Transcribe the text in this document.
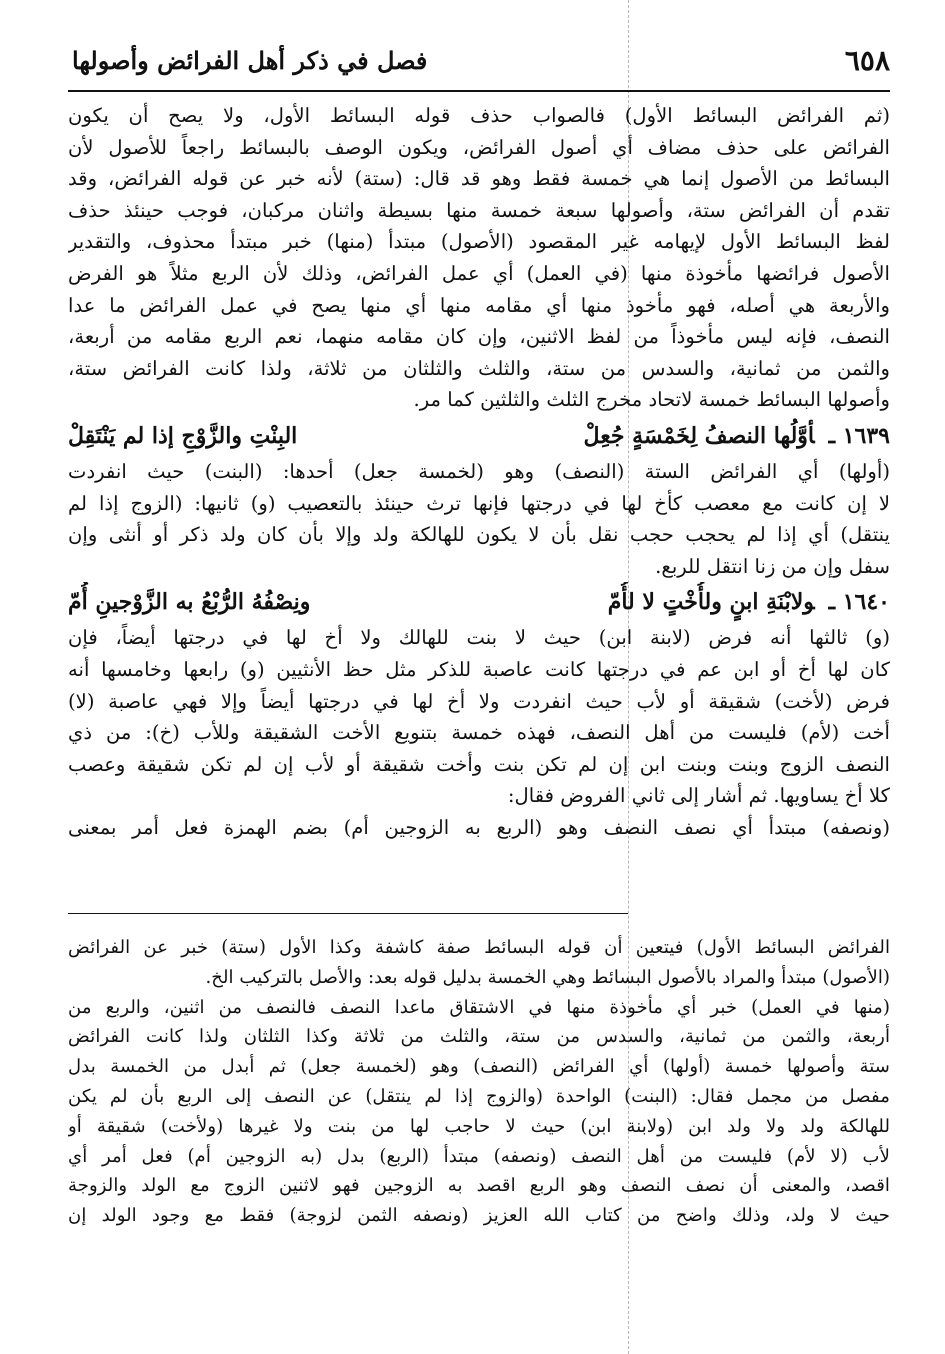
٦٥٨
فصل في ذكر أهل الفرائض وأصولها
(ثم الفرائض البسائط الأول) فالصواب حذف قوله البسائط الأول، ولا يصح أن يكون
الفرائض على حذف مضاف أي أصول الفرائض، ويكون الوصف بالبسائط راجعاً للأصول لأن
البسائط من الأصول إنما هي خمسة فقط وهو قد قال: (ستة) لأنه خبر عن قوله الفرائض، وقد
تقدم أن الفرائض ستة، وأصولها سبعة خمسة منها بسيطة واثنان مركبان، فوجب حينئذ حذف
لفظ البسائط الأول لإيهامه غير المقصود (الأصول) مبتدأ (منها) خبر مبتدأ محذوف، والتقدير
الأصول فرائضها مأخوذة منها (في العمل) أي عمل الفرائض، وذلك لأن الربع مثلاً هو الفرض
والأربعة هي أصله، فهو مأخوذ منها أي مقامه منها أي منها يصح في عمل الفرائض ما عدا
النصف، فإنه ليس مأخوذاً من لفظ الاثنين، وإن كان مقامه منهما، نعم الربع مقامه من أربعة،
والثمن من ثمانية، والسدس من ستة، والثلث والثلثان من ثلاثة، ولذا كانت الفرائض ستة،
وأصولها البسائط خمسة لاتحاد مخرج الثلث والثلثين كما مر.
١٦٣٩ ـأوَّلُها النصفُ لِخَمْسَةٍ جُعِلْ
البِنْتِ والزَّوْجِ إذا لم يَنْتَقِلْ
(أولها) أي الفرائض الستة (النصف) وهو (لخمسة جعل) أحدها: (البنت) حيث انفردت
لا إن كانت مع معصب كأخ لها في درجتها فإنها ترث حينئذ بالتعصيب (و) ثانيها: (الزوج إذا لم
ينتقل) أي إذا لم يحجب حجب نقل بأن لا يكون للهالكة ولد وإلا بأن كان ولد ذكر أو أنثى وإن
سفل وإن من زنا انتقل للربع.
١٦٤٠ ـولابْنَةِ ابنٍ ولأُخْتٍ لا لأُمّ
ونِصْفُهُ الرُّبْعُ به الزَّوْجينِ أُمّ
(و) ثالثها أنه فرض (لابنة ابن) حيث لا بنت للهالك ولا أخ لها في درجتها أيضاً، فإن
كان لها أخ أو ابن عم في درجتها كانت عاصبة للذكر مثل حظ الأنثيين (و) رابعها وخامسها أنه
فرض (لأخت) شقيقة أو لأب حيث انفردت ولا أخ لها في درجتها أيضاً وإلا فهي عاصبة (لا)
أخت (لأم) فليست من أهل النصف، فهذه خمسة بتنويع الأخت الشقيقة وللأب (خ): من ذي
النصف الزوج وبنت وبنت ابن إن لم تكن بنت وأخت شقيقة أو لأب إن لم تكن شقيقة وعصب
كلا أخ يساويها. ثم أشار إلى ثاني الفروض فقال:
(ونصفه) مبتدأ أي نصف النصف وهو (الربع به الزوجين أم) بضم الهمزة فعل أمر بمعنى
الفرائض البسائط الأول) فيتعين أن قوله البسائط صفة كاشفة وكذا الأول (ستة) خبر عن الفرائض
(الأصول) مبتدأ والمراد بالأصول البسائط وهي الخمسة بدليل قوله بعد: والأصل بالتركيب الخ.
(منها في العمل) خبر أي مأخوذة منها في الاشتقاق ماعدا النصف فالنصف من اثنين، والربع من
أربعة، والثمن من ثمانية، والسدس من ستة، والثلث من ثلاثة وكذا الثلثان ولذا كانت الفرائض
ستة وأصولها خمسة (أولها) أي الفرائض (النصف) وهو (لخمسة جعل) ثم أبدل من الخمسة بدل
مفصل من مجمل فقال: (البنت) الواحدة (والزوج إذا لم ينتقل) عن النصف إلى الربع بأن لم يكن
للهالكة ولد ولا ولد ابن (ولابنة ابن) حيث لا حاجب لها من بنت ولا غيرها (ولأخت) شقيقة أو
لأب (لا لأم) فليست من أهل النصف (ونصفه) مبتدأ (الربع) بدل (به الزوجين أم) فعل أمر أي
اقصد، والمعنى أن نصف النصف وهو الربع اقصد به الزوجين فهو لاثنين الزوج مع الولد والزوجة
حيث لا ولد، وذلك واضح من كتاب الله العزيز (ونصفه الثمن لزوجة) فقط مع وجود الولد إن
